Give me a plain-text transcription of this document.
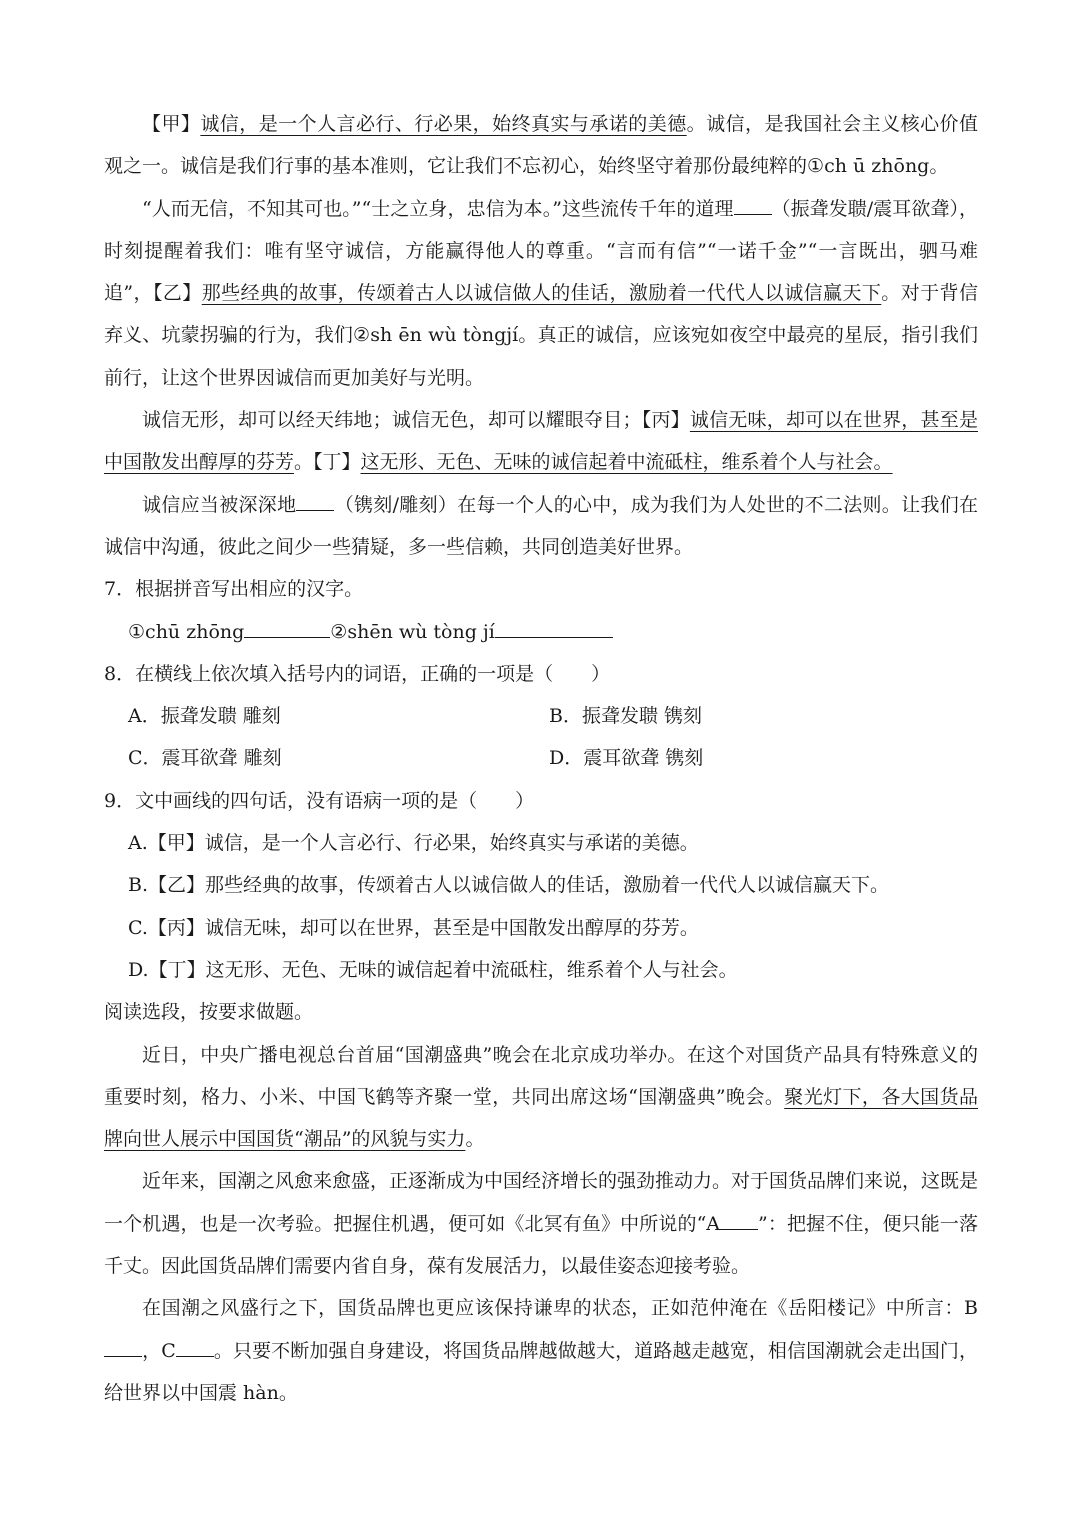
【甲】诚信，是一个人言必行、行必果，始终真实与承诺的美德。诚信，是我国社会主义核心价值观之一。诚信是我们行事的基本准则，它让我们不忘初心，始终坚守着那份最纯粹的①ch ū zhōng。

“人而无信，不知其可也。”“士之立身，忠信为本。”这些流传千年的道理 （振聋发聩/震耳欲聋），时刻提醒着我们：唯有坚守诚信，方能赢得他人的尊重。“言而有信”“一诺千金”“一言既出，驷马难追”，【乙】那些经典的故事，传颂着古人以诚信做人的佳话，激励着一代代人以诚信赢天下。对于背信弃义、坑蒙拐骗的行为，我们②sh ēn wù tòngjí。真正的诚信，应该宛如夜空中最亮的星辰，指引我们前行，让这个世界因诚信而更加美好与光明。

诚信无形，却可以经天纬地；诚信无色，却可以耀眼夺目；【丙】诚信无味，却可以在世界，甚至是中国散发出醇厚的芬芳。【丁】这无形、无色、无味的诚信起着中流砥柱，维系着个人与社会。

诚信应当被深深地 （镌刻/雕刻）在每一个人的心中，成为我们为人处世的不二法则。让我们在诚信中沟通，彼此之间少一些猜疑，多一些信赖，共同创造美好世界。

7．根据拼音写出相应的汉字。

①chū zhōng	②shēn wù tòng jí

8．在横线上依次填入括号内的词语，正确的一项是（　　）

A．振聋发聩 雕刻	B．振聋发聩 镌刻
C．震耳欲聋 雕刻	D．震耳欲聋 镌刻

9．文中画线的四句话，没有语病一项的是（　　）

A.【甲】诚信，是一个人言必行、行必果，始终真实与承诺的美德。

B.【乙】那些经典的故事，传颂着古人以诚信做人的佳话，激励着一代代人以诚信赢天下。

C.【丙】诚信无味，却可以在世界，甚至是中国散发出醇厚的芬芳。

D.【丁】这无形、无色、无味的诚信起着中流砥柱，维系着个人与社会。

阅读选段，按要求做题。

近日，中央广播电视总台首届“国潮盛典”晚会在北京成功举办。在这个对国货产品具有特殊意义的重要时刻，格力、小米、中国飞鹤等齐聚一堂，共同出席这场“国潮盛典”晚会。聚光灯下，各大国货品牌向世人展示中国国货“潮品”的风貌与实力。

近年来，国潮之风愈来愈盛，正逐渐成为中国经济增长的强劲推动力。对于国货品牌们来说，这既是一个机遇，也是一次考验。把握住机遇，便可如《北冥有鱼》中所说的“A ”：把握不住，便只能一落千丈。因此国货品牌们需要内省自身，葆有发展活力，以最佳姿态迎接考验。

在国潮之风盛行之下，国货品牌也更应该保持谦卑的状态，正如范仲淹在《岳阳楼记》中所言：B，C 。只要不断加强自身建设，将国货品牌越做越大，道路越走越宽，相信国潮就会走出国门，给世界以中国震 hàn。
